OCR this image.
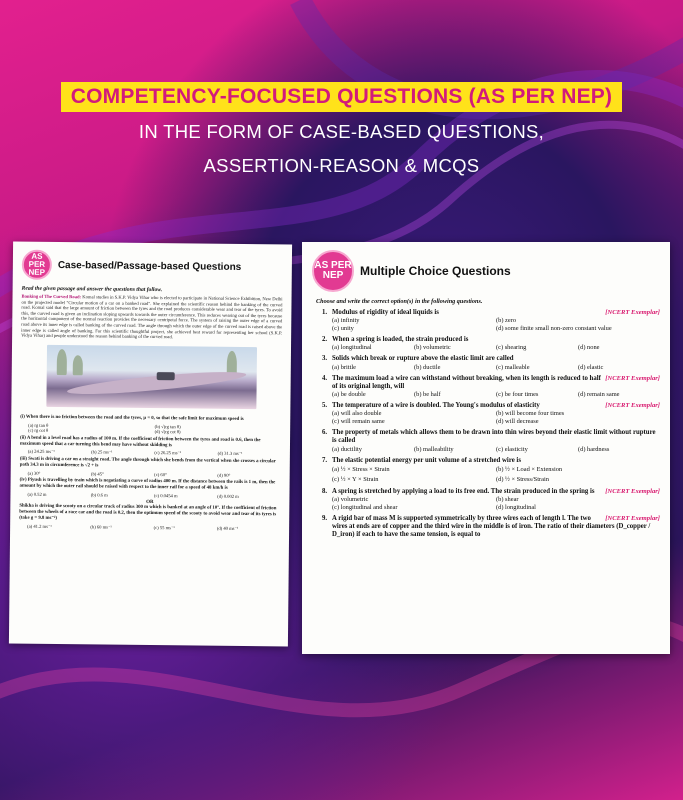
COMPETENCY-FOCUSED QUESTIONS (AS PER NEP)
IN THE FORM OF CASE-BASED QUESTIONS,
ASSERTION-REASON & MCQS
AS PER NEP	Case-based/Passage-based Questions
Read the given passage and answer the questions that follow.
Banking of The Curved Road: Komal studies in S.K.P. Vidya Vihar who is elected to participate in National Science Exhibition, New Delhi on the projected model "Circular motion of a car on a banked road". She explained the scientific reason behind the banking of the curved road. Komal said that the large amount of friction between the tyres and the road produces considerable wear and tear of the tyres. To avoid this, the curved road is given an inclination sloping upwards towards the outer circumference. This reduces wearing out of the tyres because the horizontal component of the normal reaction provides the necessary centripetal force. The system of raising the outer edge of a curved road above its inner edge is called banking of the curved road. The angle through which the outer edge of the curved road is raised above the inner edge is called angle of banking. For this scientific thoughtful project, she achieved best reward for representing her school (S.K.P. Vidya Vihar) and people understood the reason behind banking of the curved road.
(i) When there is no friction between the road and the tyres, μ = 0, so that the safe limit for maximum speed is
(a) rg tan θ	(b) √(rg tan θ)
(c) rg cot θ	(d) √(rg cot θ)
(ii) A bend in a level road has a radius of 100 m. If the coefficient of friction between the tyres and road is 0.6, then the maximum speed that a car turning this bend may have without skidding is
(a) 24.25 ms⁻¹	(b) 25 ms⁻¹	(c) 26.25 ms⁻¹	(d) 31.3 ms⁻¹
(iii) Swati is driving a car on a straight road. The angle through which she bends from the vertical when she crosses a circular path 34.3 m in circumference is √2 + is
(a) 30°	(b) 45°	(c) 60°	(d) 90°
(iv) Piyush is travelling by train which is negotiating a curve of radius 400 m. If the distance between the rails is 1 m, then the amount by which the outer rail should be raised with respect to the inner rail for a speed of 48 km/h is
(a) 0.52 m	(b) 0.6 m	(c) 0.0454 m	(d) 0.002 m
OR
Shikha is driving the scooty on a circular track of radius 300 m which is banked at an angle of 10°. If the coefficient of friction between the wheels of a race car and the road is 0.2, then the optimum speed of the scooty to avoid wear and tear of its tyres is (take g = 9.8 ms⁻²)
(a) 41.2 ms⁻¹	(b) 60 ms⁻¹	(c) 55 ms⁻¹	(d) 40 ms⁻¹
AS PER NEP	Multiple Choice Questions
Choose and write the correct option(s) in the following questions.
1.	[NCERT Exemplar]
Modulus of rigidity of ideal liquids is
(a) infinity	(b) zero
(c) unity	(d) some finite small non-zero constant value
2. When a spring is loaded, the strain produced is
(a) longitudinal	(b) volumetric	(c) shearing	(d) none
3. Solids which break or rupture above the elastic limit are called
(a) brittle	(b) ductile	(c) malleable	(d) elastic
4.	[NCERT Exemplar]
The maximum load a wire can withstand without breaking, when its length is reduced to half of its original length, will
(a) be double	(b) be half	(c) be four times	(d) remain same
5.	[NCERT Exemplar]
The temperature of a wire is doubled. The Young's modulus of elasticity
(a) will also double	(b) will become four times
(c) will remain same	(d) will decrease
6. The property of metals which allows them to be drawn into thin wires beyond their elastic limit without rupture is called
(a) ductility	(b) malleability	(c) elasticity	(d) hardness
7. The elastic potential energy per unit volume of a stretched wire is
(a) ½ × Stress × Strain	(b) ½ × Load × Extension
(c) ½ × Y × Strain	(d) ½ × Stress/Strain
8.	[NCERT Exemplar]
A spring is stretched by applying a load to its free end. The strain produced in the spring is
(a) volumetric	(b) shear
(c) longitudinal and shear	(d) longitudinal
9.	[NCERT Exemplar]
A rigid bar of mass M is supported symmetrically by three wires each of length l. The two wires at ends are of copper and the third wire in the middle is of iron. The ratio of their diameters (D_copper / D_iron) if each to have the same tension, is equal to
